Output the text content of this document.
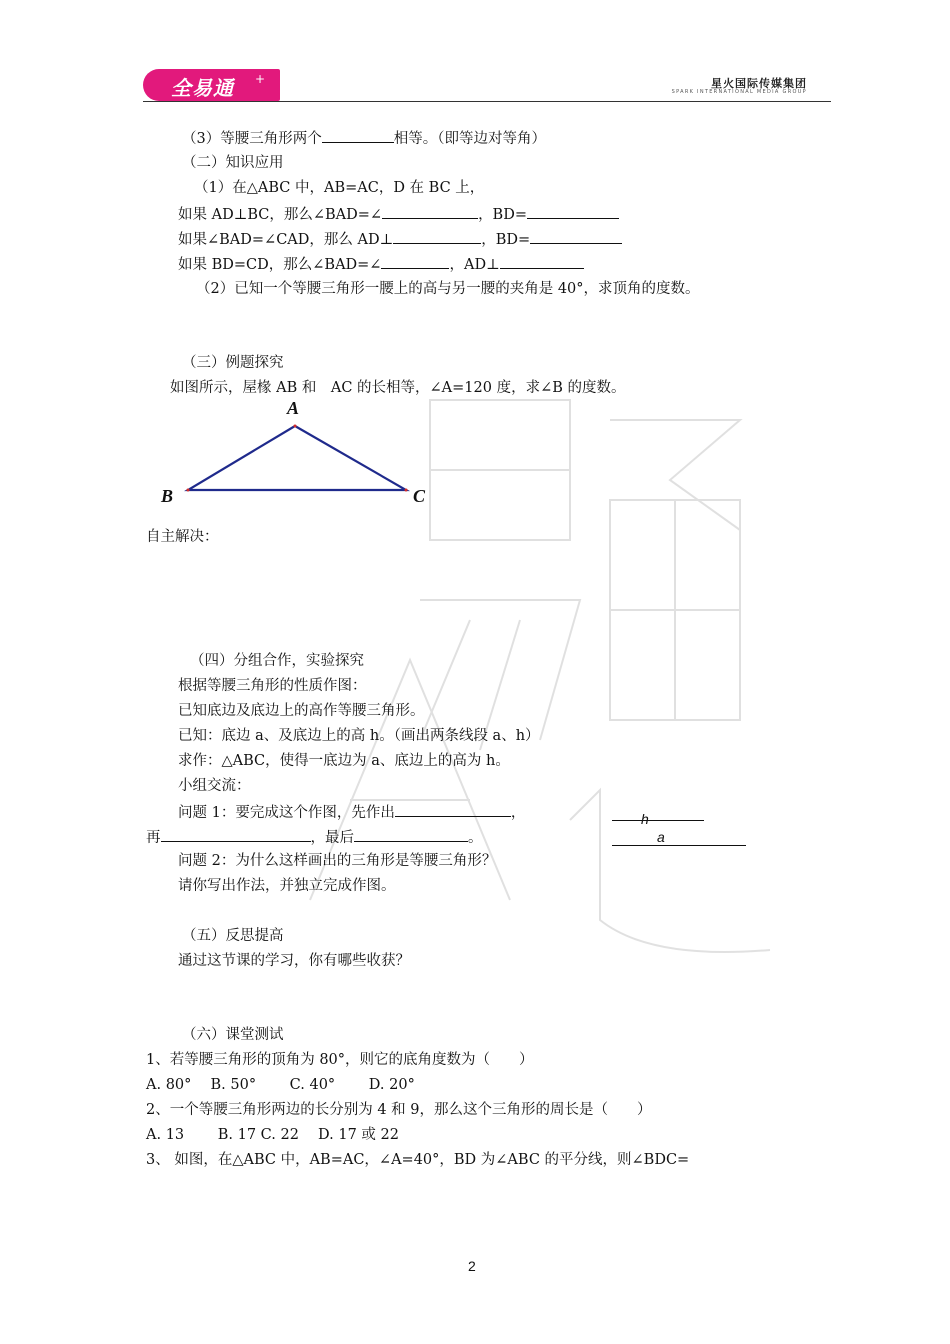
全易通 +	星火国际传媒集团
SPARK INTERNATIONAL MEDIA GROUP
（3）等腰三角形两个	相等。（即等边对等角）
（二）知识应用
（1）在△ABC 中，AB=AC，D 在 BC 上，
如果 AD⊥BC，那么∠BAD=∠	，BD=
如果∠BAD=∠CAD，那么 AD⊥	，BD=
如果 BD=CD，那么∠BAD=∠	，AD⊥
（2）已知一个等腰三角形一腰上的高与另一腰的夹角是 40°，求顶角的度数。
（三）例题探究
如图所示，屋椽 AB 和　AC 的长相等，∠A=120 度，求∠B 的度数。
A
B	C
自主解决：
（四）分组合作，实验探究
根据等腰三角形的性质作图：
已知底边及底边上的高作等腰三角形。
已知：底边 a、及底边上的高 h。（画出两条线段 a、h）
求作：△ABC，使得一底边为 a、底边上的高为 h。
小组交流：
问题 1：要完成这个作图，先作出	，
再	，最后	。
h
a
问题 2：为什么这样画出的三角形是等腰三角形？
请你写出作法，并独立完成作图。
（五）反思提高
通过这节课的学习，你有哪些收获？
（六）课堂测试
1、若等腰三角形的顶角为 80°，则它的底角度数为（　　）
A. 80°　 B. 50°　　 C. 40°　　 D. 20°
2、一个等腰三角形两边的长分别为 4 和 9，那么这个三角形的周长是（　　）
A. 13　　 B. 17 C. 22　 D. 17 或 22
3、 如图，在△ABC 中，AB=AC，∠A=40°，BD 为∠ABC 的平分线，则∠BDC=
2
